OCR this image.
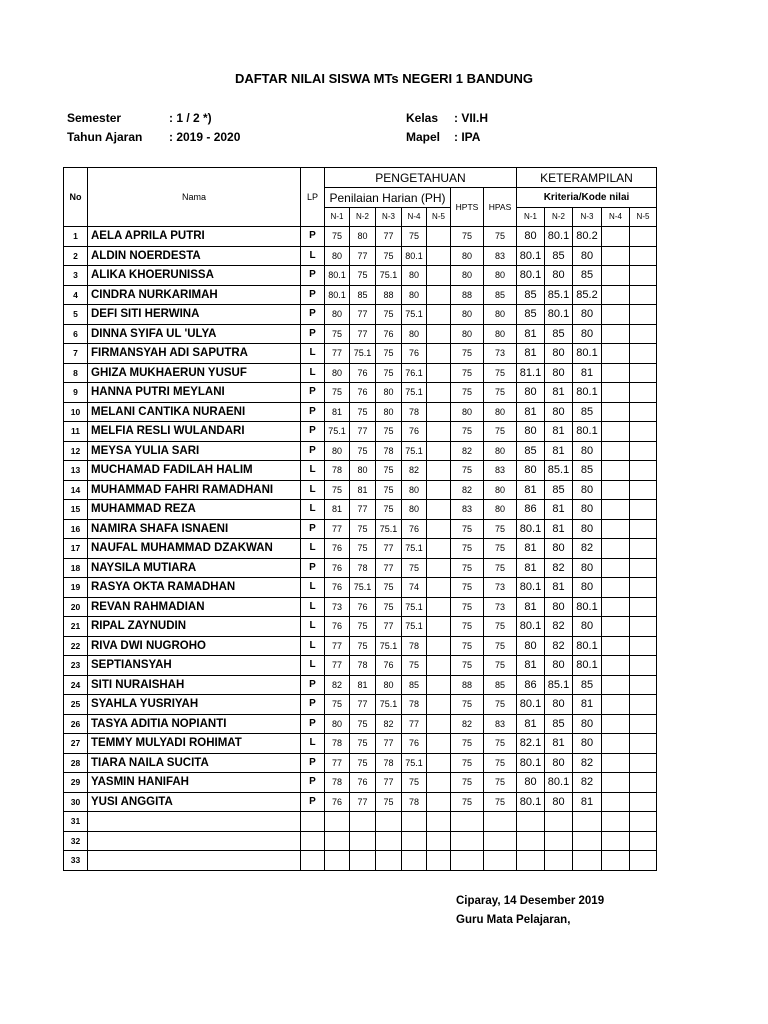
DAFTAR NILAI SISWA MTs NEGERI 1 BANDUNG
Semester	: 1 / 2 *)
Tahun Ajaran : 2019 - 2020
Kelas : VII.H
Mapel : IPA
No	Nama	LP	PENGETAHUAN							KETERAMPILAN				
			Penilaian Harian (PH)					HPTS	HPAS	Kriteria/Kode nilai				
			N-1	N-2	N-3	N-4	N-5			N-1	N-2	N-3	N-4	N-5
1	AELA APRILA PUTRI	P	75	80	77	75		75	75	80	80.1	80.2		
2	ALDIN NOERDESTA	L	80	77	75	80.1		80	83	80.1	85	80		
3	ALIKA KHOERUNISSA	P	80.1	75	75.1	80		80	80	80.1	80	85		
4	CINDRA NURKARIMAH	P	80.1	85	88	80		88	85	85	85.1	85.2		
5	DEFI SITI HERWINA	P	80	77	75	75.1		80	80	85	80.1	80		
6	DINNA SYIFA UL 'ULYA	P	75	77	76	80		80	80	81	85	80		
7	FIRMANSYAH ADI SAPUTRA	L	77	75.1	75	76		75	73	81	80	80.1		
8	GHIZA MUKHAERUN YUSUF	L	80	76	75	76.1		75	75	81.1	80	81		
9	HANNA PUTRI MEYLANI	P	75	76	80	75.1		75	75	80	81	80.1		
10	MELANI CANTIKA NURAENI	P	81	75	80	78		80	80	81	80	85		
11	MELFIA RESLI WULANDARI	P	75.1	77	75	76		75	75	80	81	80.1		
12	MEYSA YULIA SARI	P	80	75	78	75.1		82	80	85	81	80		
13	MUCHAMAD FADILAH HALIM	L	78	80	75	82		75	83	80	85.1	85		
14	MUHAMMAD FAHRI RAMADHANI	L	75	81	75	80		82	80	81	85	80		
15	MUHAMMAD REZA	L	81	77	75	80		83	80	86	81	80		
16	NAMIRA SHAFA ISNAENI	P	77	75	75.1	76		75	75	80.1	81	80		
17	NAUFAL MUHAMMAD DZAKWAN	L	76	75	77	75.1		75	75	81	80	82		
18	NAYSILA MUTIARA	P	76	78	77	75		75	75	81	82	80		
19	RASYA OKTA RAMADHAN	L	76	75.1	75	74		75	73	80.1	81	80		
20	REVAN RAHMADIAN	L	73	76	75	75.1		75	73	81	80	80.1		
21	RIPAL ZAYNUDIN	L	76	75	77	75.1		75	75	80.1	82	80		
22	RIVA DWI NUGROHO	L	77	75	75.1	78		75	75	80	82	80.1		
23	SEPTIANSYAH	L	77	78	76	75		75	75	81	80	80.1		
24	SITI NURAISHAH	P	82	81	80	85		88	85	86	85.1	85		
25	SYAHLA YUSRIYAH	P	75	77	75.1	78		75	75	80.1	80	81		
26	TASYA ADITIA NOPIANTI	P	80	75	82	77		82	83	81	85	80		
27	TEMMY MULYADI ROHIMAT	L	78	75	77	76		75	75	82.1	81	80		
28	TIARA NAILA SUCITA	P	77	75	78	75.1		75	75	80.1	80	82		
29	YASMIN HANIFAH	P	78	76	77	75		75	75	80	80.1	82		
30	YUSI ANGGITA	P	76	77	75	78		75	75	80.1	80	81		
31														
32														
33														
Ciparay, 14 Desember 2019
Guru Mata Pelajaran,
